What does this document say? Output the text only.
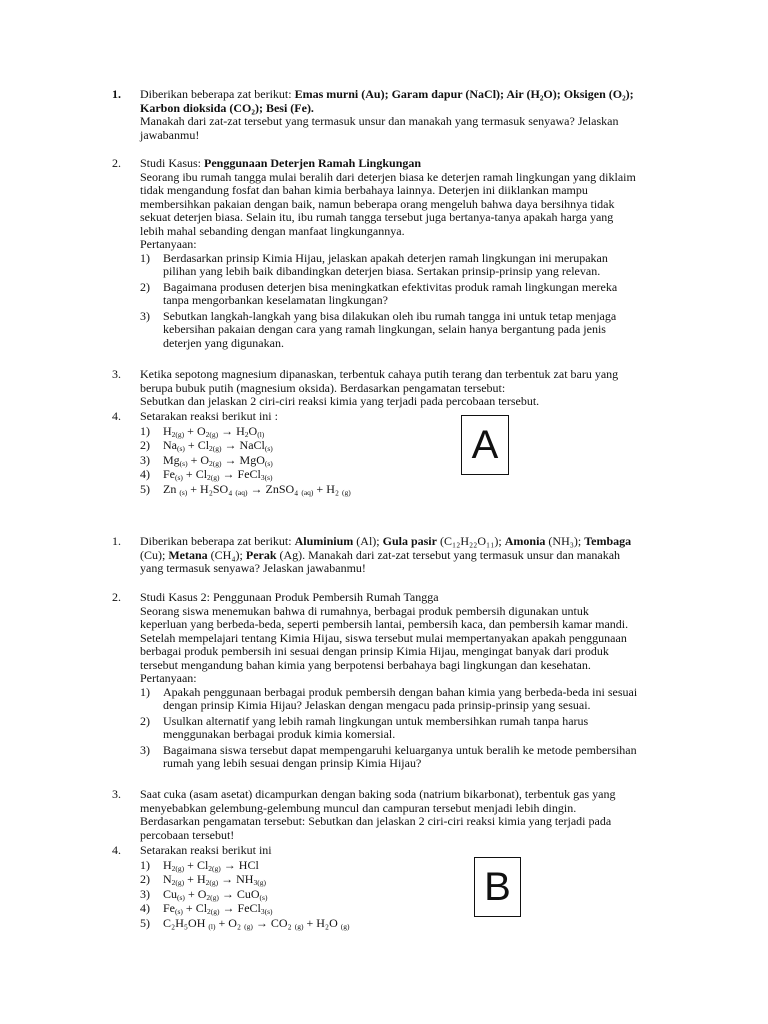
1.	Diberikan beberapa zat berikut: Emas murni (Au); Garam dapur (NaCl); Air (H₂O); Oksigen (O₂);
Karbon dioksida (CO₂); Besi (Fe).
Manakah dari zat-zat tersebut yang termasuk unsur dan manakah yang termasuk senyawa? Jelaskan
jawabanmu!
2.	Studi Kasus: Penggunaan Deterjen Ramah Lingkungan
Seorang ibu rumah tangga mulai beralih dari deterjen biasa ke deterjen ramah lingkungan yang diklaim
tidak mengandung fosfat dan bahan kimia berbahaya lainnya. Deterjen ini diiklankan mampu
membersihkan pakaian dengan baik, namun beberapa orang mengeluh bahwa daya bersihnya tidak
sekuat deterjen biasa. Selain itu, ibu rumah tangga tersebut juga bertanya-tanya apakah harga yang
lebih mahal sebanding dengan manfaat lingkungannya.
Pertanyaan:
1)	Berdasarkan prinsip Kimia Hijau, jelaskan apakah deterjen ramah lingkungan ini merupakan
pilihan yang lebih baik dibandingkan deterjen biasa. Sertakan prinsip-prinsip yang relevan.
2)	Bagaimana produsen deterjen bisa meningkatkan efektivitas produk ramah lingkungan mereka
tanpa mengorbankan keselamatan lingkungan?
3)	Sebutkan langkah-langkah yang bisa dilakukan oleh ibu rumah tangga ini untuk tetap menjaga
kebersihan pakaian dengan cara yang ramah lingkungan, selain hanya bergantung pada jenis
deterjen yang digunakan.
3.	Ketika sepotong magnesium dipanaskan, terbentuk cahaya putih terang dan terbentuk zat baru yang
berupa bubuk putih (magnesium oksida). Berdasarkan pengamatan tersebut:
Sebutkan dan jelaskan 2 ciri-ciri reaksi kimia yang terjadi pada percobaan tersebut.
4.	Setarakan reaksi berikut ini :
1)	$H_{2(g)} + O_{2(g)} \to H_2O_{(l)}$
2)	$Na_{(s)} + Cl_{2(g)}$ → NaCl$_{(s)}$
3)	$Mg_{(s)} + O_{2(g)} \to MgO_{(s)}$
4)	$Fe_{(s)} + Cl_{2(g)}$ → FeCl$_{3(s)}$
5)	Zn $_{(s)}$ + H₂SO₄ $_{(aq)}$ → ZnSO₄ $_{(aq)}$ + H₂ $_{(g)}$
A
1.	Diberikan beberapa zat berikut: Aluminium (Al); Gula pasir (C₁₂H₂₂O₁₁); Amonia (NH₃); Tembaga
(Cu); Metana (CH₄); Perak (Ag). Manakah dari zat-zat tersebut yang termasuk unsur dan manakah
yang termasuk senyawa? Jelaskan jawabanmu!
2.	Studi Kasus 2: Penggunaan Produk Pembersih Rumah Tangga
Seorang siswa menemukan bahwa di rumahnya, berbagai produk pembersih digunakan untuk
keperluan yang berbeda-beda, seperti pembersih lantai, pembersih kaca, dan pembersih kamar mandi.
Setelah mempelajari tentang Kimia Hijau, siswa tersebut mulai mempertanyakan apakah penggunaan
berbagai produk pembersih ini sesuai dengan prinsip Kimia Hijau, mengingat banyak dari produk
tersebut mengandung bahan kimia yang berpotensi berbahaya bagi lingkungan dan kesehatan.
Pertanyaan:
1)	Apakah penggunaan berbagai produk pembersih dengan bahan kimia yang berbeda-beda ini sesuai
dengan prinsip Kimia Hijau? Jelaskan dengan mengacu pada prinsip-prinsip yang sesuai.
2)	Usulkan alternatif yang lebih ramah lingkungan untuk membersihkan rumah tanpa harus
menggunakan berbagai produk kimia komersial.
3)	Bagaimana siswa tersebut dapat mempengaruhi keluarganya untuk beralih ke metode pembersihan
rumah yang lebih sesuai dengan prinsip Kimia Hijau?
3.	Saat cuka (asam asetat) dicampurkan dengan baking soda (natrium bikarbonat), terbentuk gas yang
menyebabkan gelembung-gelembung muncul dan campuran tersebut menjadi lebih dingin.
Berdasarkan pengamatan tersebut: Sebutkan dan jelaskan 2 ciri-ciri reaksi kimia yang terjadi pada
percobaan tersebut!
4.	Setarakan reaksi berikut ini
1)	$H_{2(g)} + Cl_{2(g)}$ → HCl
2)	$N_{2(g)} + H_{2(g)} \to NH_{3(g)}$
3)	$Cu_{(s)} + O_{2(g)} \to CuO_{(s)}$
4)	$Fe_{(s)} + Cl_{2(g)}$ → FeCl$_{3(s)}$
5)	C₂H₅OH $_{(l)}$ + O₂ $_{(g)}$ → CO₂ $_{(g)}$ + H₂O $_{(g)}$
B
